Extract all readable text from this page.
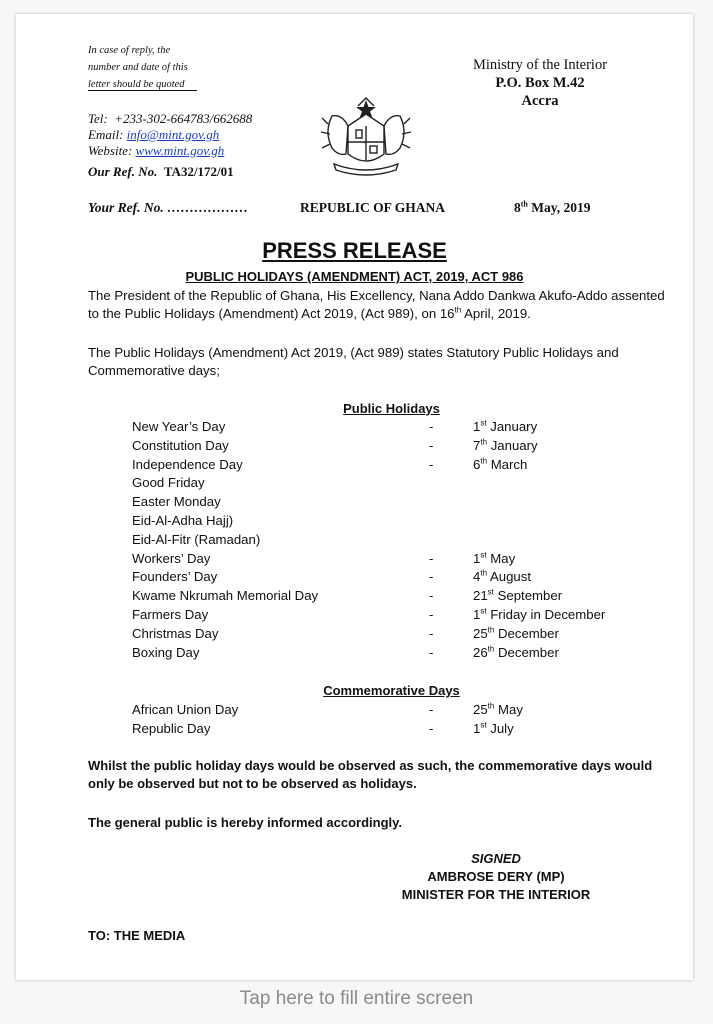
In case of reply, the
number and date of this
letter should be quoted
Ministry of the Interior
P.O. Box M.42
Accra
Tel: +233-302-664783/662688
Email: info@mint.gov.gh
Website: www.mint.gov.gh
Our Ref. No. TA32/172/01
Your Ref. No. ………………	REPUBLIC OF GHANA	8th May, 2019
PRESS RELEASE
PUBLIC HOLIDAYS (AMENDMENT) ACT, 2019, ACT 986
The President of the Republic of Ghana, His Excellency, Nana Addo Dankwa Akufo-Addo assented to the Public Holidays (Amendment) Act 2019, (Act 989), on 16th April, 2019.
The Public Holidays (Amendment) Act 2019, (Act 989) states Statutory Public Holidays and Commemorative days;
Public Holidays
New Year’s Day	-	1st January
Constitution Day	-	7th January
Independence Day	-	6th March
Good Friday
Easter Monday
Eid-Al-Adha Hajj)
Eid-Al-Fitr (Ramadan)
Workers’ Day	-	1st May
Founders’ Day	-	4th August
Kwame Nkrumah Memorial Day	-	21st September
Farmers Day	-	1st Friday in December
Christmas Day	-	25th December
Boxing Day	-	26th December
Commemorative Days
African Union Day	-	25th May
Republic Day	-	1st July
Whilst the public holiday days would be observed as such, the commemorative days would only be observed but not to be observed as holidays.
The general public is hereby informed accordingly.
SIGNED
AMBROSE DERY (MP)
MINISTER FOR THE INTERIOR
TO: THE MEDIA
Tap here to fill entire screen
